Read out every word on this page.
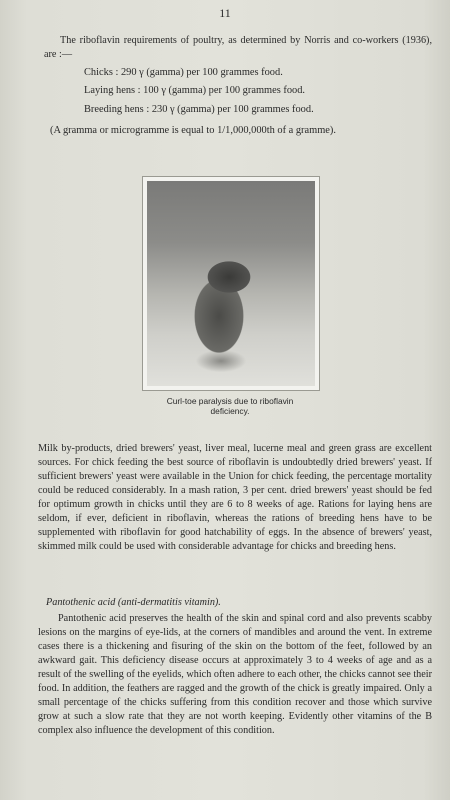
11
The riboflavin requirements of poultry, as determined by Norris and co-workers (1936), are :—
Chicks : 290 γ (gamma) per 100 grammes food.
Laying hens : 100 γ (gamma) per 100 grammes food.
Breeding hens : 230 γ (gamma) per 100 grammes food.
(A gramma or microgramme is equal to 1/1,000,000th of a gramme).
Curl-toe paralysis due to riboflavin deficiency.
Milk by-products, dried brewers' yeast, liver meal, lucerne meal and green grass are excellent sources. For chick feeding the best source of riboflavin is undoubtedly dried brewers' yeast. If sufficient brewers' yeast were available in the Union for chick feeding, the percentage mortality could be reduced considerably. In a mash ration, 3 per cent. dried brewers' yeast should be fed for optimum growth in chicks until they are 6 to 8 weeks of age. Rations for laying hens are seldom, if ever, deficient in riboflavin, whereas the rations of breeding hens have to be supplemented with riboflavin for good hatchability of eggs. In the absence of brewers' yeast, skimmed milk could be used with considerable advantage for chicks and breeding hens.
Pantothenic acid (anti-dermatitis vitamin).
Pantothenic acid preserves the health of the skin and spinal cord and also prevents scabby lesions on the margins of eye-lids, at the corners of mandibles and around the vent. In extreme cases there is a thickening and fisuring of the skin on the bottom of the feet, followed by an awkward gait. This deficiency disease occurs at approximately 3 to 4 weeks of age and as a result of the swelling of the eyelids, which often adhere to each other, the chicks cannot see their food. In addition, the feathers are ragged and the growth of the chick is greatly impaired. Only a small percentage of the chicks suffering from this condition recover and those which survive grow at such a slow rate that they are not worth keeping. Evidently other vitamins of the B complex also influence the development of this condition.
